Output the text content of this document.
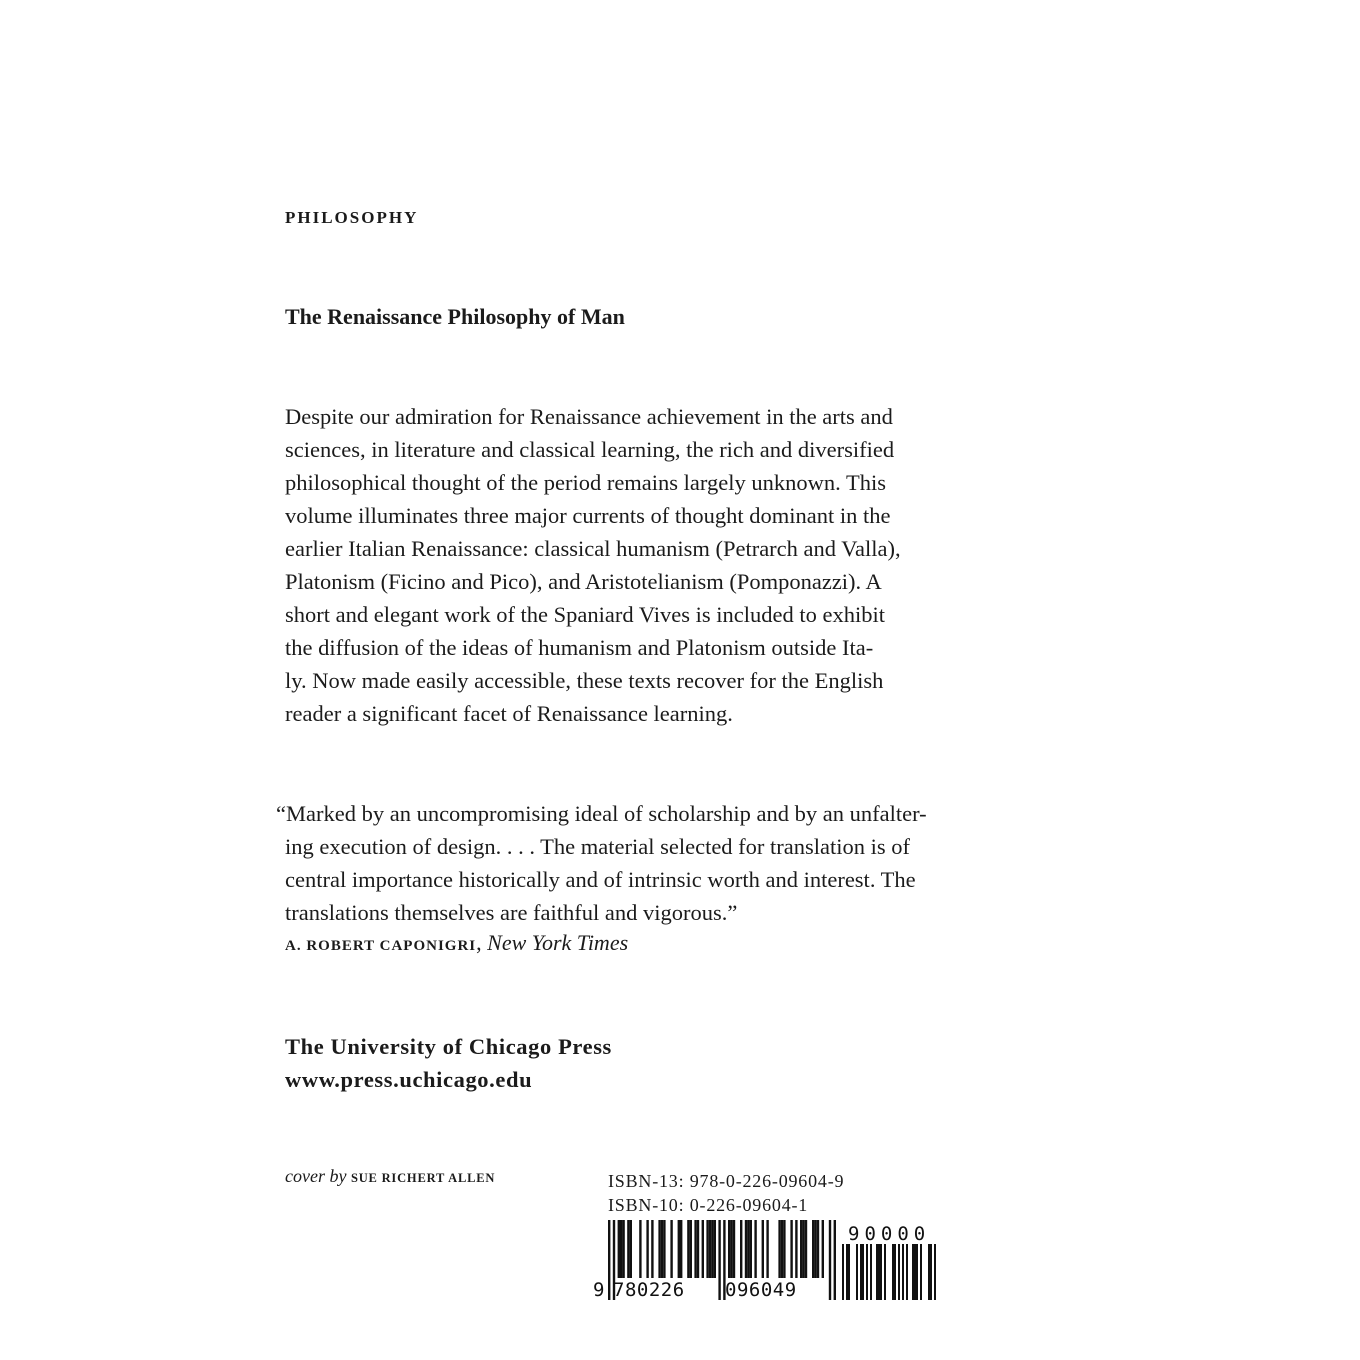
PHILOSOPHY
The Renaissance Philosophy of Man
Despite our admiration for Renaissance achievement in the arts and
sciences, in literature and classical learning, the rich and diversified
philosophical thought of the period remains largely unknown. This
volume illuminates three major currents of thought dominant in the
earlier Italian Renaissance: classical humanism (Petrarch and Valla),
Platonism (Ficino and Pico), and Aristotelianism (Pomponazzi). A
short and elegant work of the Spaniard Vives is included to exhibit
the diffusion of the ideas of humanism and Platonism outside Ita-
ly. Now made easily accessible, these texts recover for the English
reader a significant facet of Renaissance learning.
“Marked by an uncompromising ideal of scholarship and by an unfalter-
ing execution of design. . . . The material selected for translation is of
central importance historically and of intrinsic worth and interest. The
translations themselves are faithful and vigorous.”
A. ROBERT CAPONIGRI, New York Times
The University of Chicago Press
www.press.uchicago.edu
cover by SUE RICHERT ALLEN	ISBN-13: 978-0-226-09604-9
ISBN-10: 0-226-09604-1
9 780226 096049
90000
